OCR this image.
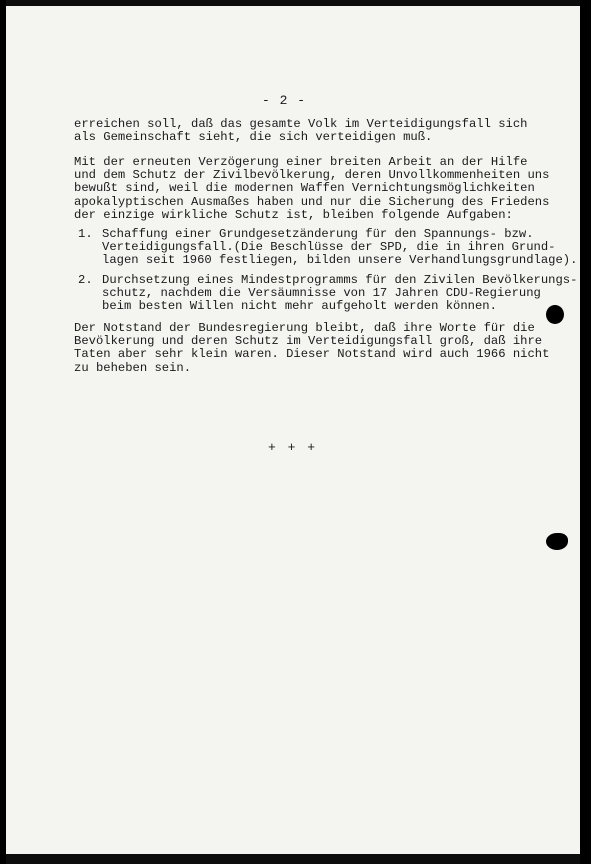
- 2 -
erreichen soll, daß das gesamte Volk im Verteidigungsfall sich
als Gemeinschaft sieht, die sich verteidigen muß.
Mit der erneuten Verzögerung einer breiten Arbeit an der Hilfe
und dem Schutz der Zivilbevölkerung, deren Unvollkommenheiten uns
bewußt sind, weil die modernen Waffen Vernichtungsmöglichkeiten
apokalyptischen Ausmaßes haben und nur die Sicherung des Friedens
der einzige wirkliche Schutz ist, bleiben folgende Aufgaben:
1. Schaffung einer Grundgesetzänderung für den Spannungs- bzw.
Verteidigungsfall.(Die Beschlüsse der SPD, die in ihren Grund-
lagen seit 1960 festliegen, bilden unsere Verhandlungsgrundlage).
2. Durchsetzung eines Mindestprogramms für den Zivilen Bevölkerungs-
schutz, nachdem die Versäumnisse von 17 Jahren CDU-Regierung
beim besten Willen nicht mehr aufgeholt werden können.
Der Notstand der Bundesregierung bleibt, daß ihre Worte für die
Bevölkerung und deren Schutz im Verteidigungsfall groß, daß ihre
Taten aber sehr klein waren. Dieser Notstand wird auch 1966 nicht
zu beheben sein.
+ + +
